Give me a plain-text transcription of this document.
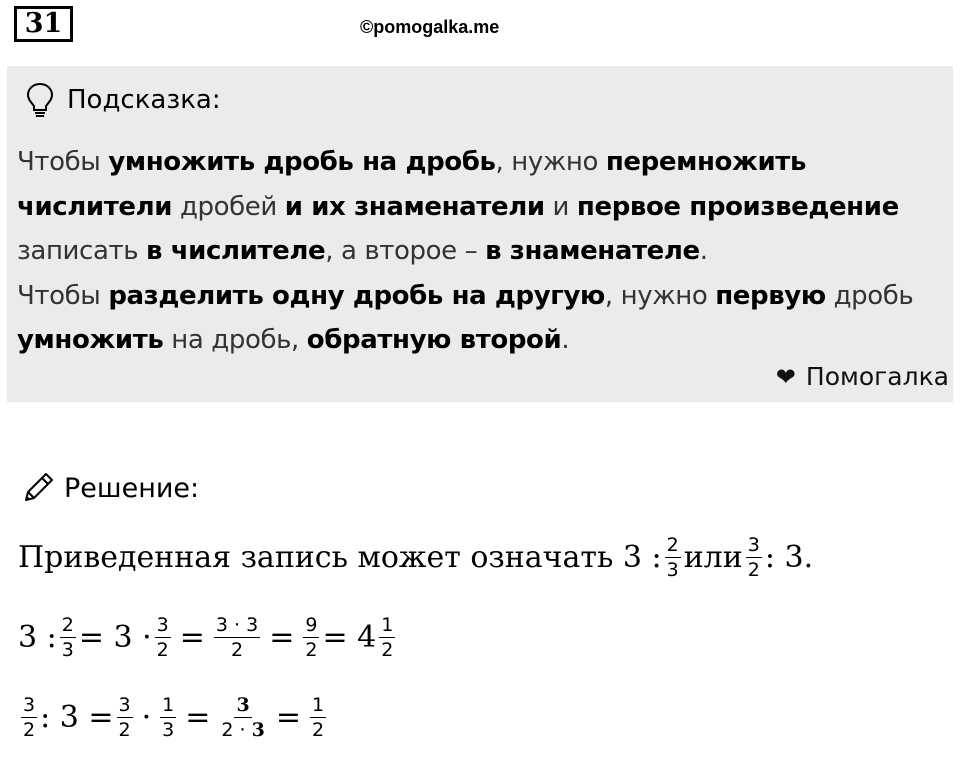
31	©pomogalka.me
Подсказка:
Чтобы умножить дробь на дробь, нужно перемножить числители дробей и их знаменатели и первое произведение записать в числителе, а второе – в знаменателе.
Чтобы разделить одну дробь на другую, нужно первую дробь умножить на дробь, обратную второй.
❤ Помогалка
Решение:
Приведенная запись может означать 3 : $\frac{2}{3}$ или $\frac{3}{2}$ : 3.
3 : $\frac{2}{3} = 3 \cdot \frac{3}{2} = \frac{3 \cdot 3}{2} = \frac{9}{2} = 4 \frac{1}{2}$
$\frac{3}{2}$ : $3 = \frac{3}{2} \cdot \frac{1}{3} = \frac{3}{2 \cdot 3} = \frac{1}{2}$
